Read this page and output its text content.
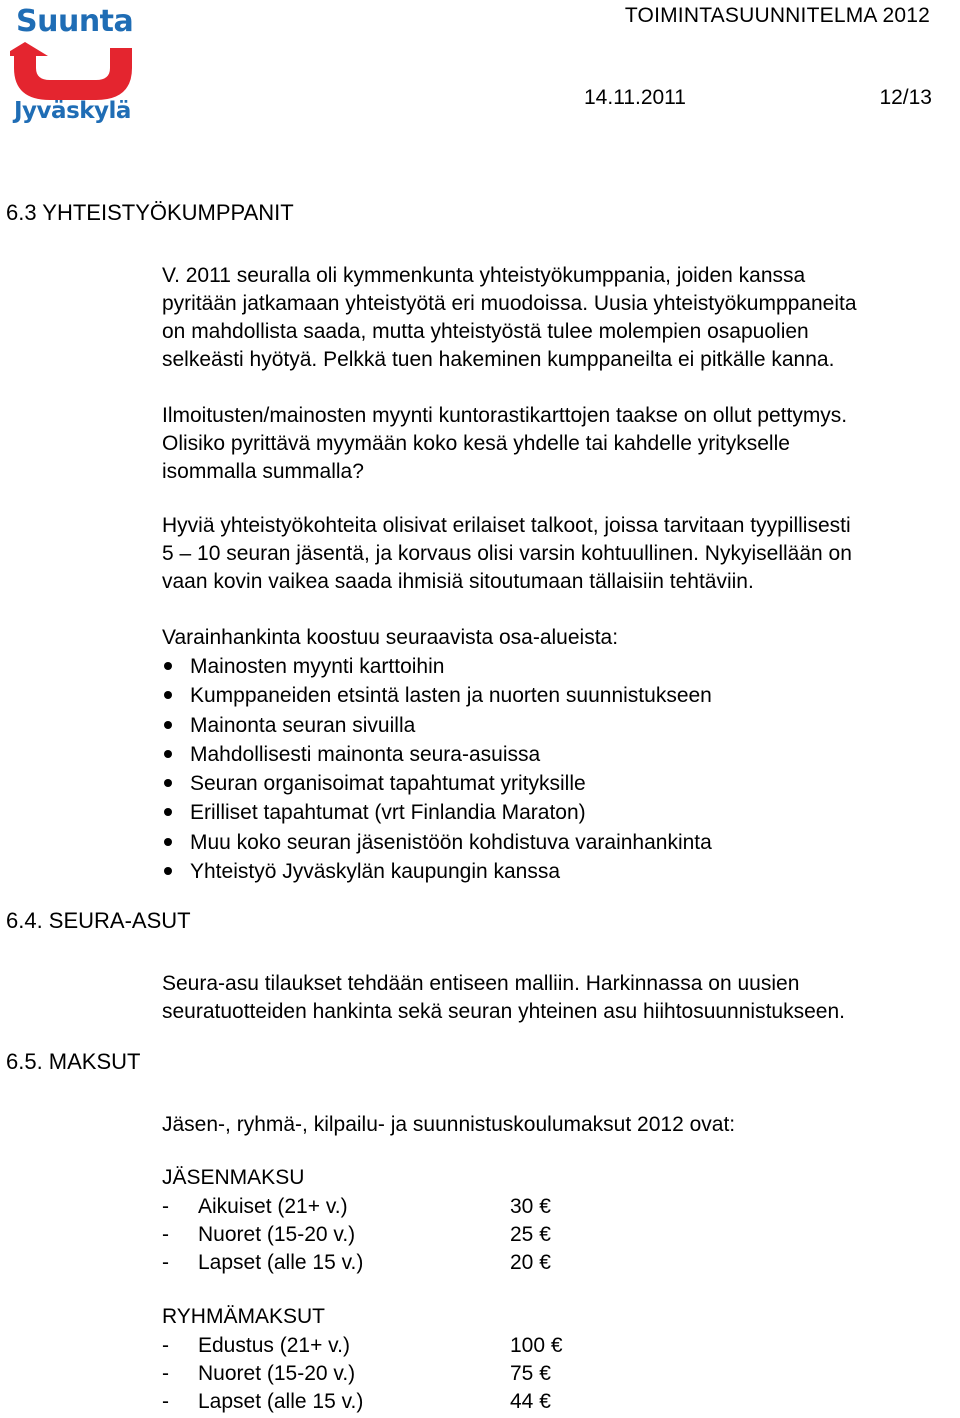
Suunta
Jyväskylä
TOIMINTASUUNNITELMA 2012
14.11.2011	12/13
6.3 YHTEISTYÖKUMPPANIT
V. 2011 seuralla oli kymmenkunta yhteistyökumppania, joiden kanssa
pyritään jatkamaan yhteistyötä eri muodoissa. Uusia yhteistyökumppaneita
on mahdollista saada, mutta yhteistyöstä tulee molempien osapuolien
selkeästi hyötyä. Pelkkä tuen hakeminen kumppaneilta ei pitkälle kanna.
Ilmoitusten/mainosten myynti kuntorastikarttojen taakse on ollut pettymys.
Olisiko pyrittävä myymään koko kesä yhdelle tai kahdelle yritykselle
isommalla summalla?
Hyviä yhteistyökohteita olisivat erilaiset talkoot, joissa tarvitaan tyypillisesti
5 – 10 seuran jäsentä, ja korvaus olisi varsin kohtuullinen. Nykyisellään on
vaan kovin vaikea saada ihmisiä sitoutumaan tällaisiin tehtäviin.
Varainhankinta koostuu seuraavista osa-alueista:
Mainosten myynti karttoihin
Kumppaneiden etsintä lasten ja nuorten suunnistukseen
Mainonta seuran sivuilla
Mahdollisesti mainonta seura-asuissa
Seuran organisoimat tapahtumat yrityksille
Erilliset tapahtumat (vrt Finlandia Maraton)
Muu koko seuran jäsenistöön kohdistuva varainhankinta
Yhteistyö Jyväskylän kaupungin kanssa
6.4. SEURA-ASUT
Seura-asu tilaukset tehdään entiseen malliin. Harkinnassa on uusien
seuratuotteiden hankinta sekä seuran yhteinen asu hiihtosuunnistukseen.
6.5. MAKSUT
Jäsen-, ryhmä-, kilpailu- ja suunnistuskoulumaksut 2012 ovat:
JÄSENMAKSU
- Aikuiset (21+ v.)	30 €
- Nuoret (15-20 v.)	25 €
- Lapset (alle 15 v.)	20 €
RYHMÄMAKSUT
- Edustus (21+ v.)	100 €
- Nuoret (15-20 v.)	75 €
- Lapset (alle 15 v.)	44 €
